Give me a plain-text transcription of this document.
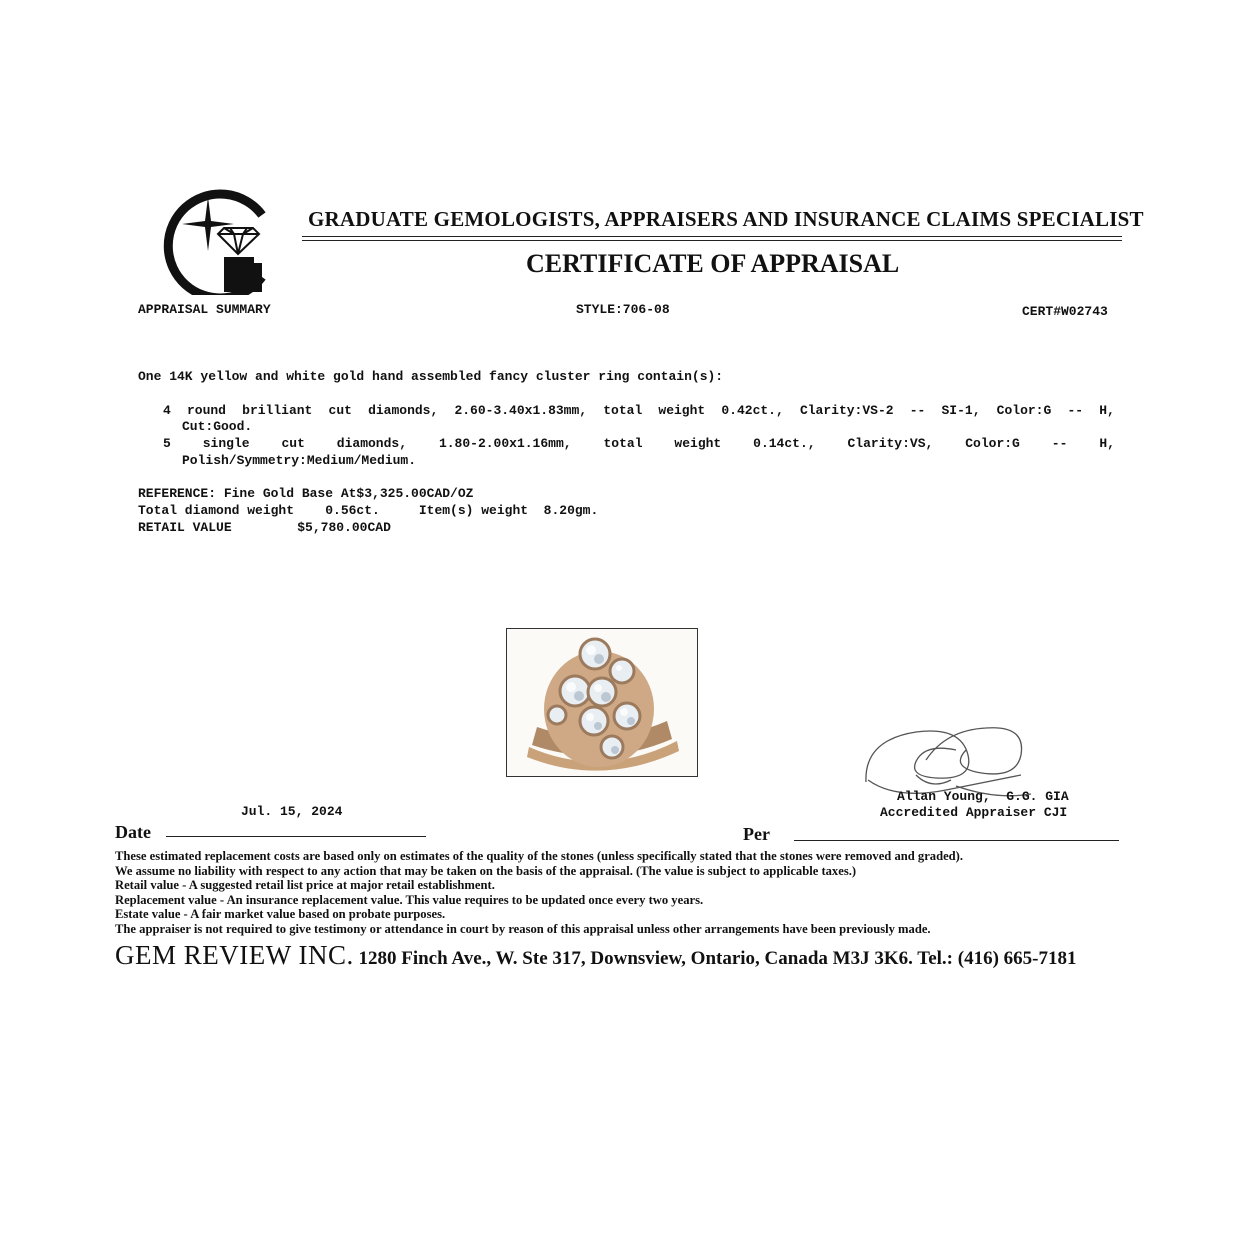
GRADUATE GEMOLOGISTS, APPRAISERS AND INSURANCE CLAIMS SPECIALIST
CERTIFICATE OF APPRAISAL
APPRAISAL SUMMARY	STYLE:706-08	CERT#W02743
One 14K yellow and white gold hand assembled fancy cluster ring contain(s):
4 round brilliant cut diamonds, 2.60-3.40x1.83mm, total weight 0.42ct., Clarity:VS-2 -- SI-1, Color:G -- H,
Cut:Good.
5 single cut diamonds, 1.80-2.00x1.16mm, total weight 0.14ct., Clarity:VS, Color:G -- H,
Polish/Symmetry:Medium/Medium.
REFERENCE: Fine Gold Base At$3,325.00CAD/OZ
Total diamond weight    0.56ct.     Item(s) weight  8.20gm.
RETAIL VALUE	$5,780.00CAD
Allan Young,  G.G. GIA
Accredited Appraiser CJI
Jul. 15, 2024
Date	Per
These estimated replacement costs are based only on estimates of the quality of the stones (unless specifically stated that the stones were removed and graded).
We assume no liability with respect to any action that may be taken on the basis of the appraisal. (The value is subject to applicable taxes.)
Retail value - A suggested retail list price at major retail establishment.
Replacement value - An insurance replacement value. This value requires to be updated once every two years.
Estate value - A fair market value based on probate purposes.
The appraiser is not required to give testimony or attendance in court by reason of this appraisal unless other arrangements have been previously made.
GEM REVIEW INC. 1280 Finch Ave., W. Ste 317, Downsview, Ontario, Canada M3J 3K6. Tel.: (416) 665-7181
